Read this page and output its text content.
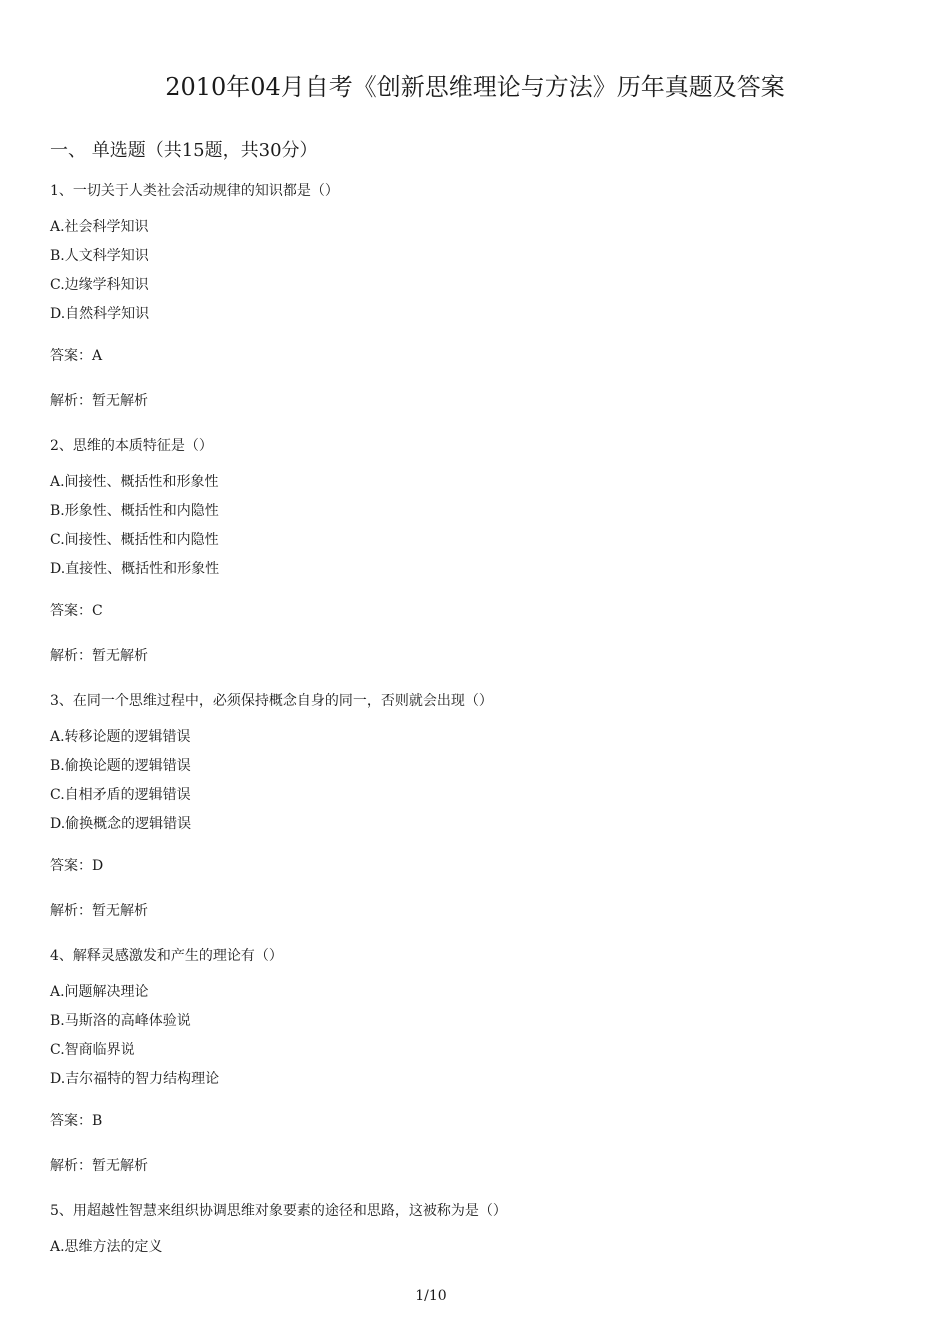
2010年04月自考《创新思维理论与方法》历年真题及答案
一、 单选题（共15题，共30分）
1、一切关于人类社会活动规律的知识都是（）
A.社会科学知识
B.人文科学知识
C.边缘学科知识
D.自然科学知识
答案：A
解析：暂无解析
2、思维的本质特征是（）
A.间接性、概括性和形象性
B.形象性、概括性和内隐性
C.间接性、概括性和内隐性
D.直接性、概括性和形象性
答案：C
解析：暂无解析
3、在同一个思维过程中，必须保持概念自身的同一，否则就会出现（）
A.转移论题的逻辑错误
B.偷换论题的逻辑错误
C.自相矛盾的逻辑错误
D.偷换概念的逻辑错误
答案：D
解析：暂无解析
4、解释灵感激发和产生的理论有（）
A.问题解决理论
B.马斯洛的高峰体验说
C.智商临界说
D.吉尔福特的智力结构理论
答案：B
解析：暂无解析
5、用超越性智慧来组织协调思维对象要素的途径和思路，这被称为是（）
A.思维方法的定义
1/10
